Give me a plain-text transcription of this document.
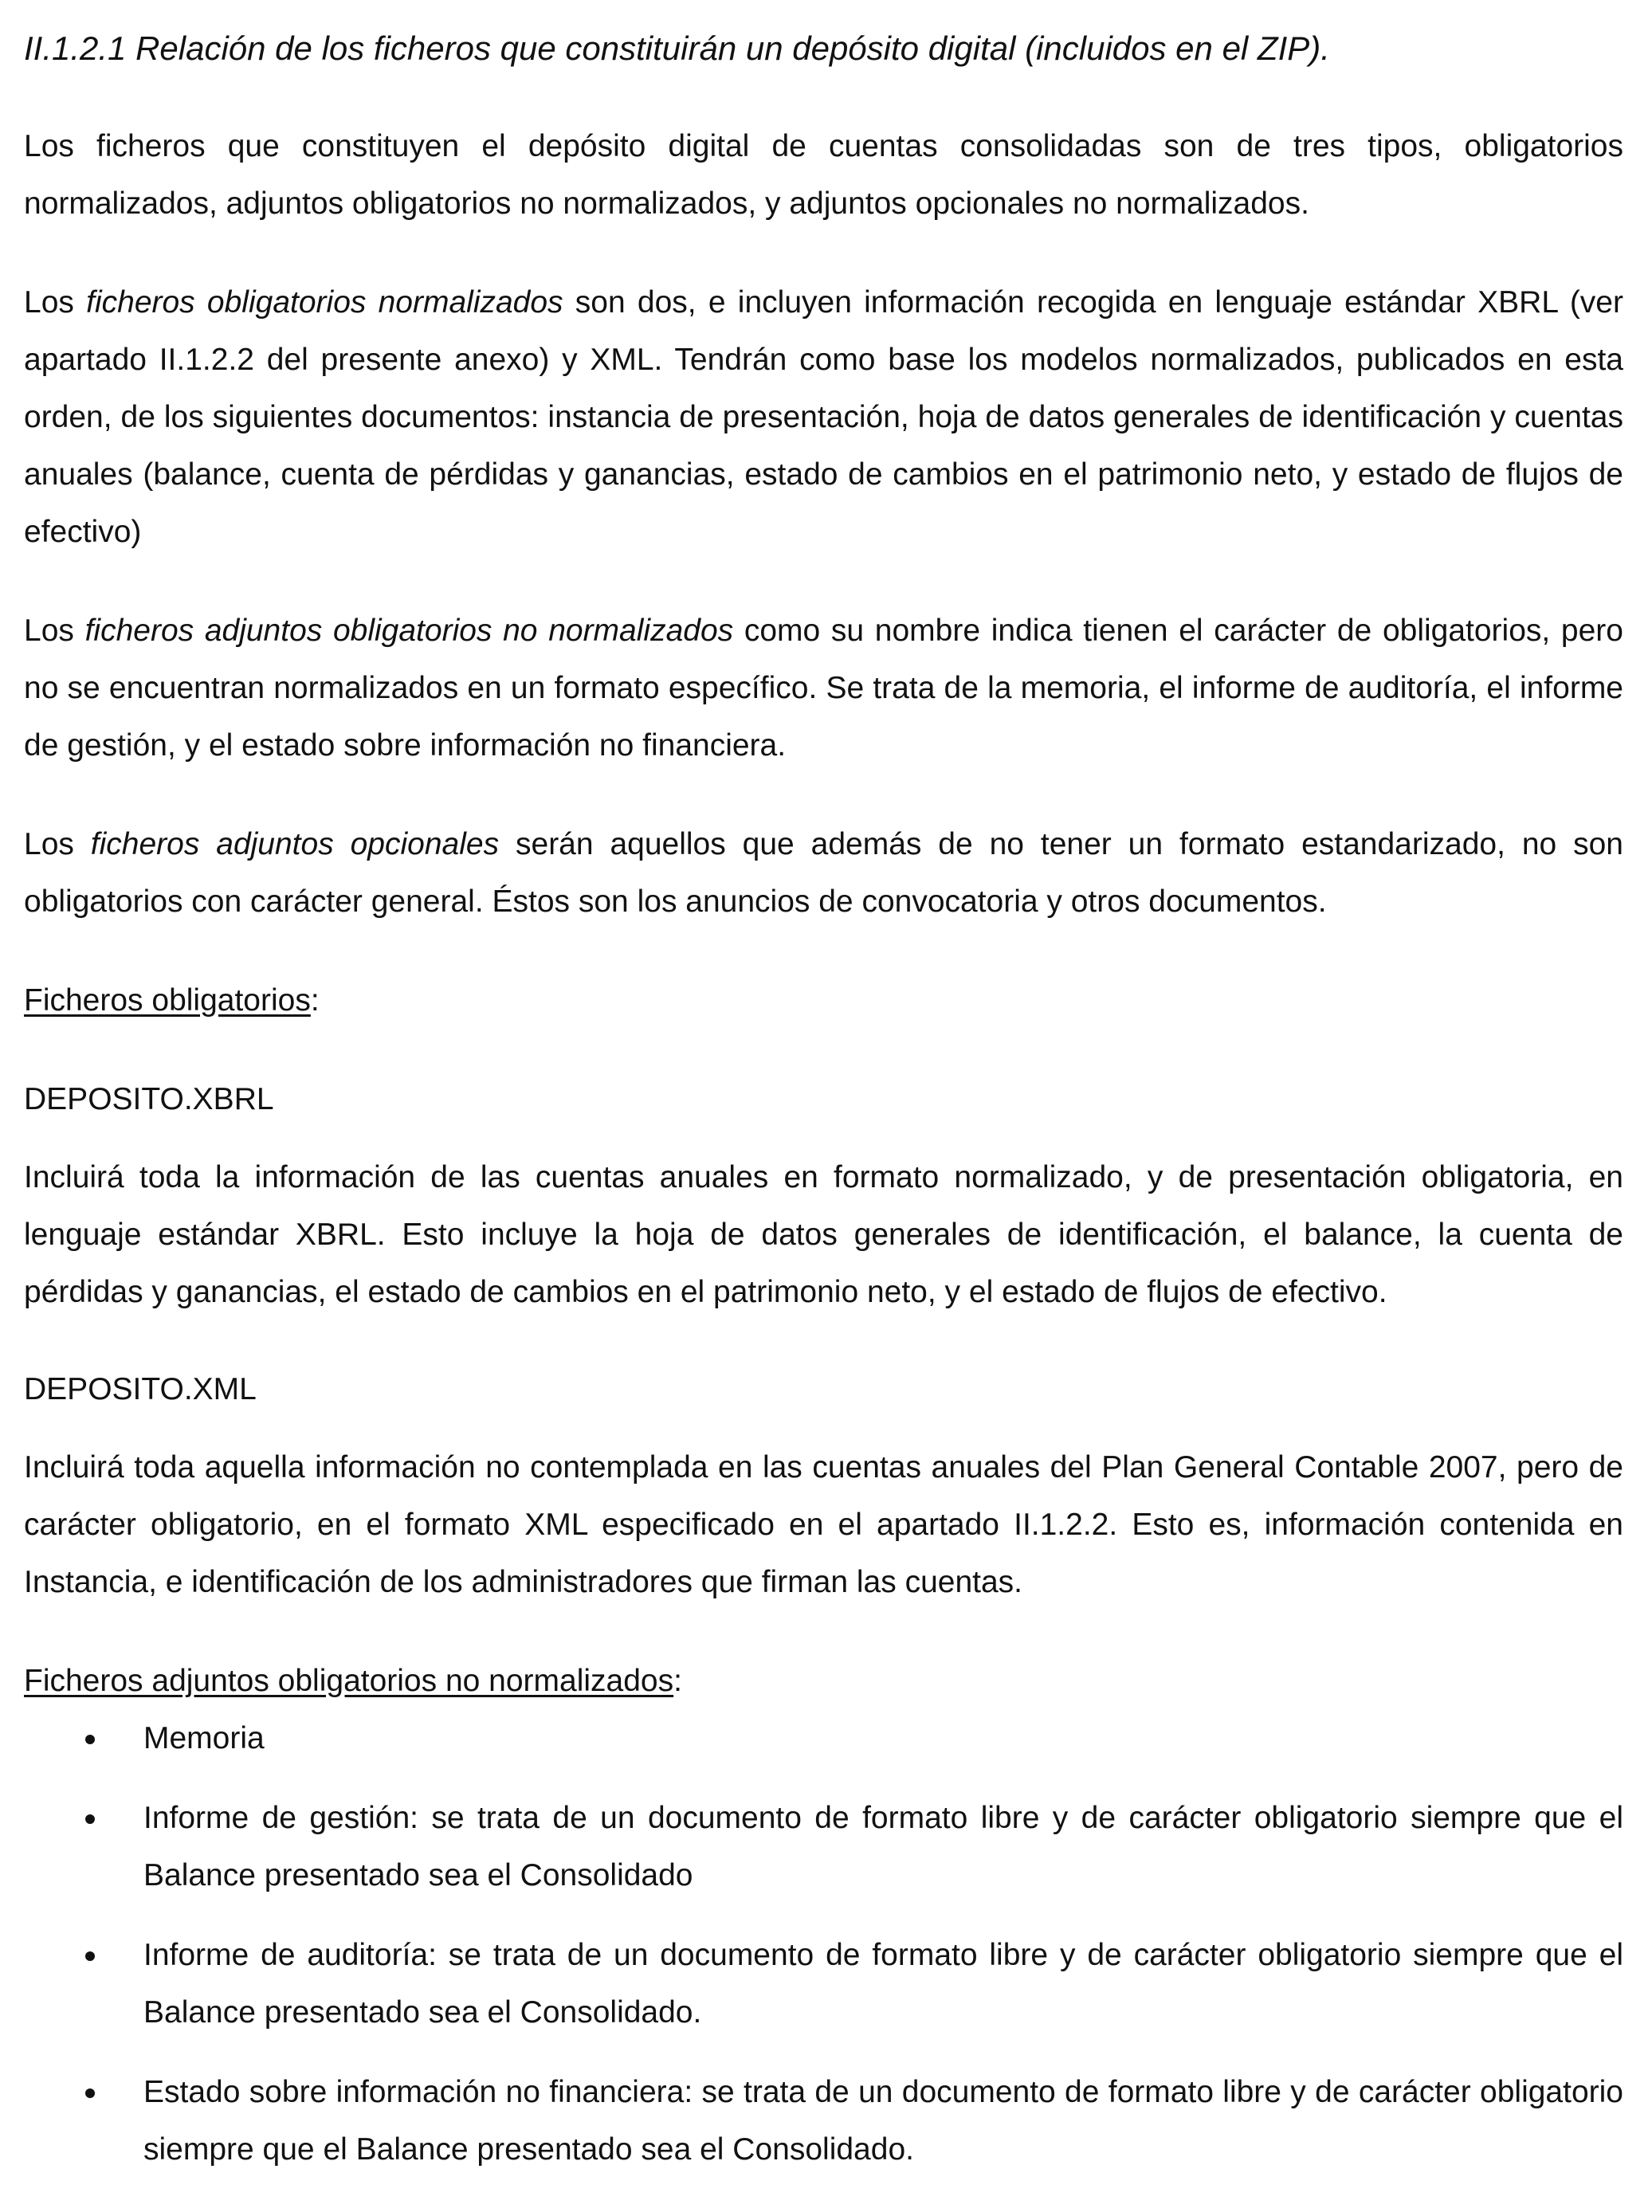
II.1.2.1 Relación de los ficheros que constituirán un depósito digital (incluidos en el ZIP).

Los ficheros que constituyen el depósito digital de cuentas consolidadas son de tres tipos, obligatorios normalizados, adjuntos obligatorios no normalizados, y adjuntos opcionales no normalizados.

Los ficheros obligatorios normalizados son dos, e incluyen información recogida en lenguaje estándar XBRL (ver apartado II.1.2.2 del presente anexo) y XML. Tendrán como base los modelos normalizados, publicados en esta orden, de los siguientes documentos: instancia de presentación, hoja de datos generales de identificación y cuentas anuales (balance, cuenta de pérdidas y ganancias, estado de cambios en el patrimonio neto, y estado de flujos de efectivo)

Los ficheros adjuntos obligatorios no normalizados como su nombre indica tienen el carácter de obligatorios, pero no se encuentran normalizados en un formato específico. Se trata de la memoria, el informe de auditoría, el informe de gestión, y el estado sobre información no financiera.

Los ficheros adjuntos opcionales serán aquellos que además de no tener un formato estandarizado, no son obligatorios con carácter general. Éstos son los anuncios de convocatoria y otros documentos.

Ficheros obligatorios:

DEPOSITO.XBRL

Incluirá toda la información de las cuentas anuales en formato normalizado, y de presentación obligatoria, en lenguaje estándar XBRL. Esto incluye la hoja de datos generales de identificación, el balance, la cuenta de pérdidas y ganancias, el estado de cambios en el patrimonio neto, y el estado de flujos de efectivo.

DEPOSITO.XML

Incluirá toda aquella información no contemplada en las cuentas anuales del Plan General Contable 2007, pero de carácter obligatorio, en el formato XML especificado en el apartado II.1.2.2. Esto es, información contenida en Instancia, e identificación de los administradores que firman las cuentas.

Ficheros adjuntos obligatorios no normalizados:

Memoria
Informe de gestión: se trata de un documento de formato libre y de carácter obligatorio siempre que el Balance presentado sea el Consolidado
Informe de auditoría: se trata de un documento de formato libre y de carácter obligatorio siempre que el Balance presentado sea el Consolidado.
Estado sobre información no financiera: se trata de un documento de formato libre y de carácter obligatorio siempre que el Balance presentado sea el Consolidado.
